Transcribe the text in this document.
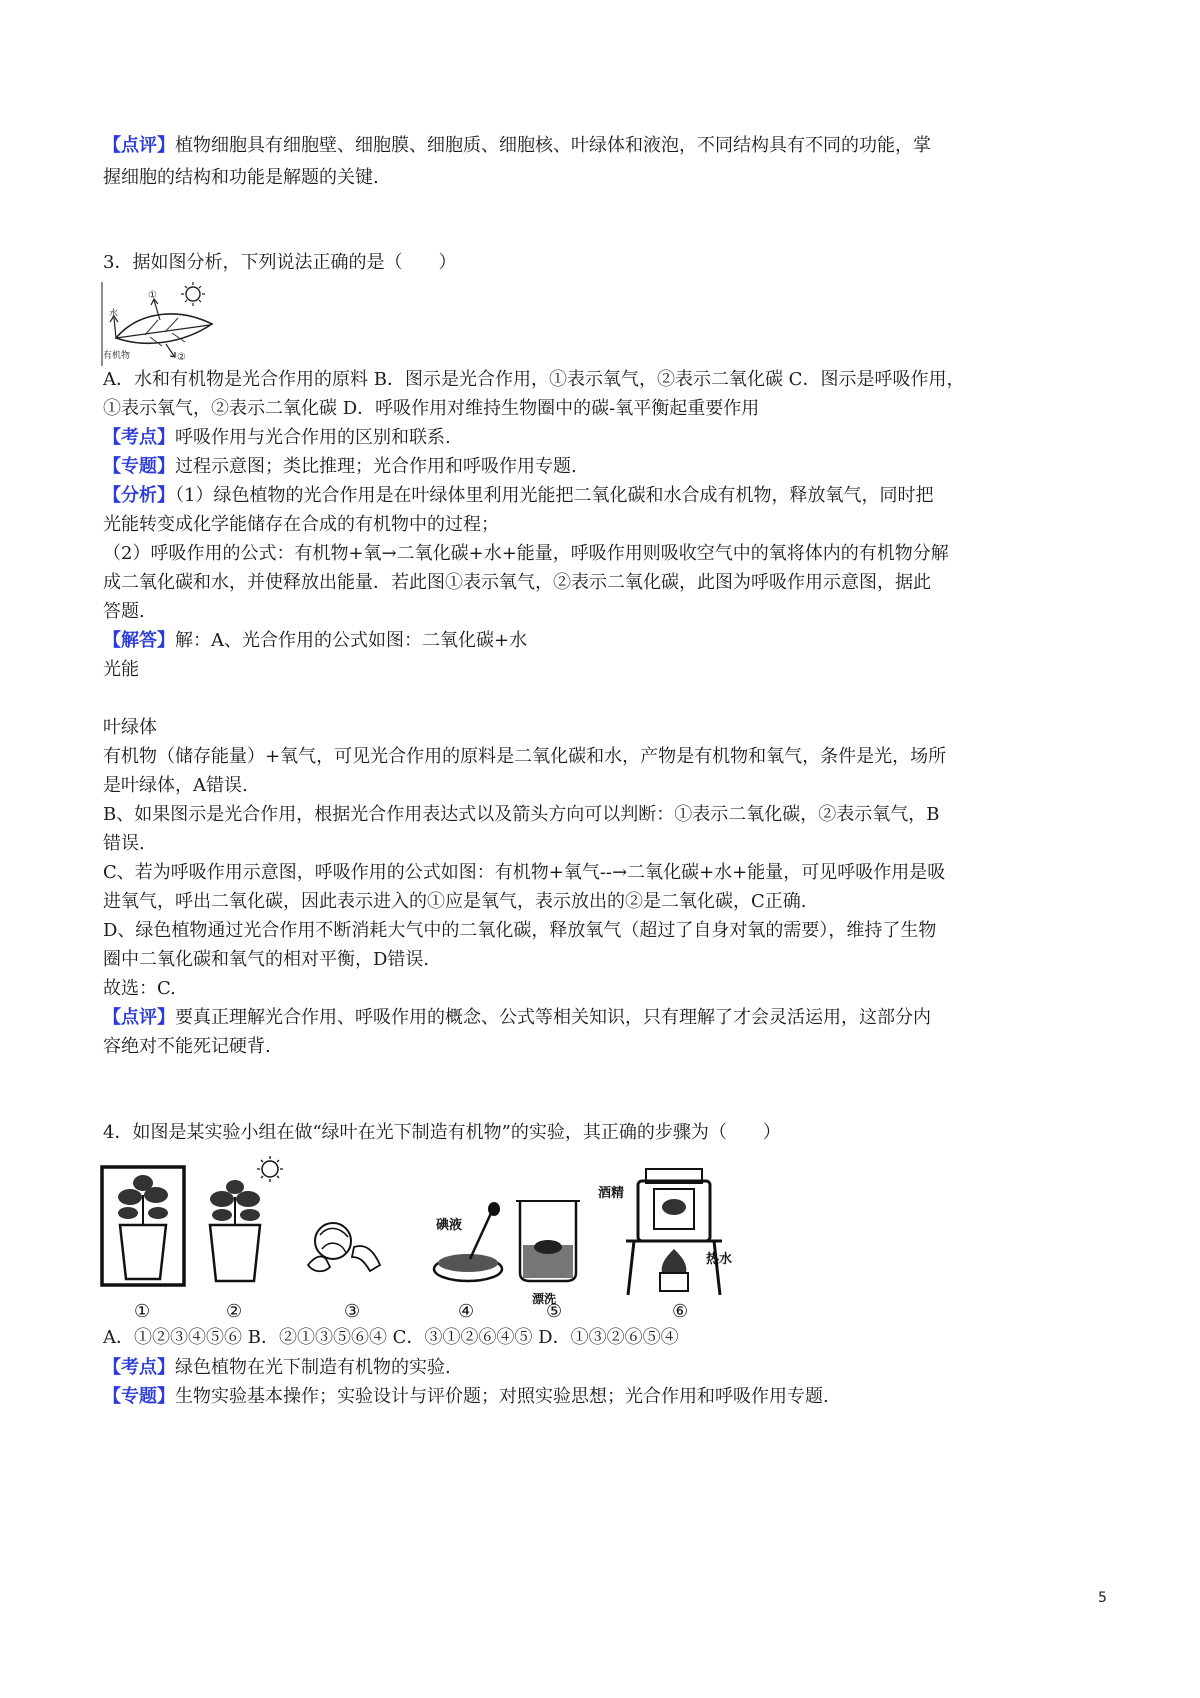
【点评】植物细胞具有细胞壁、细胞膜、细胞质、细胞核、叶绿体和液泡，不同结构具有不同的功能，掌
握细胞的结构和功能是解题的关键.
3．据如图分析，下列说法正确的是（　　）
水
①
②
有机物
A．水和有机物是光合作用的原料 B．图示是光合作用，①表示氧气，②表示二氧化碳 C．图示是呼吸作用，
①表示氧气，②表示二氧化碳 D．呼吸作用对维持生物圈中的碳-氧平衡起重要作用
【考点】呼吸作用与光合作用的区别和联系.
【专题】过程示意图；类比推理；光合作用和呼吸作用专题.
【分析】（1）绿色植物的光合作用是在叶绿体里利用光能把二氧化碳和水合成有机物，释放氧气，同时把
光能转变成化学能储存在合成的有机物中的过程；
（2）呼吸作用的公式：有机物+氧→二氧化碳+水+能量，呼吸作用则吸收空气中的氧将体内的有机物分解
成二氧化碳和水，并使释放出能量．若此图①表示氧气，②表示二氧化碳，此图为呼吸作用示意图，据此
答题.
【解答】解：A、光合作用的公式如图：二氧化碳+水
光能
叶绿体
有机物（储存能量）+氧气，可见光合作用的原料是二氧化碳和水，产物是有机物和氧气，条件是光，场所
是叶绿体，A错误.
B、如果图示是光合作用，根据光合作用表达式以及箭头方向可以判断：①表示二氧化碳，②表示氧气，B
错误.
C、若为呼吸作用示意图，呼吸作用的公式如图：有机物+氧气--→二氧化碳+水+能量，可见呼吸作用是吸
进氧气，呼出二氧化碳，因此表示进入的①应是氧气，表示放出的②是二氧化碳，C正确.
D、绿色植物通过光合作用不断消耗大气中的二氧化碳，释放氧气（超过了自身对氧的需要），维持了生物
圈中二氧化碳和氧气的相对平衡，D错误.
故选：C.
【点评】要真正理解光合作用、呼吸作用的概念、公式等相关知识，只有理解了才会灵活运用，这部分内
容绝对不能死记硬背.
4．如图是某实验小组在做“绿叶在光下制造有机物”的实验，其正确的步骤为（　　）
碘液
漂洗
酒精
热水
①	②	③	④	⑤	⑥
A．①②③④⑤⑥ B．②①③⑤⑥④ C．③①②⑥④⑤ D．①③②⑥⑤④
【考点】绿色植物在光下制造有机物的实验.
【专题】生物实验基本操作；实验设计与评价题；对照实验思想；光合作用和呼吸作用专题.
5
